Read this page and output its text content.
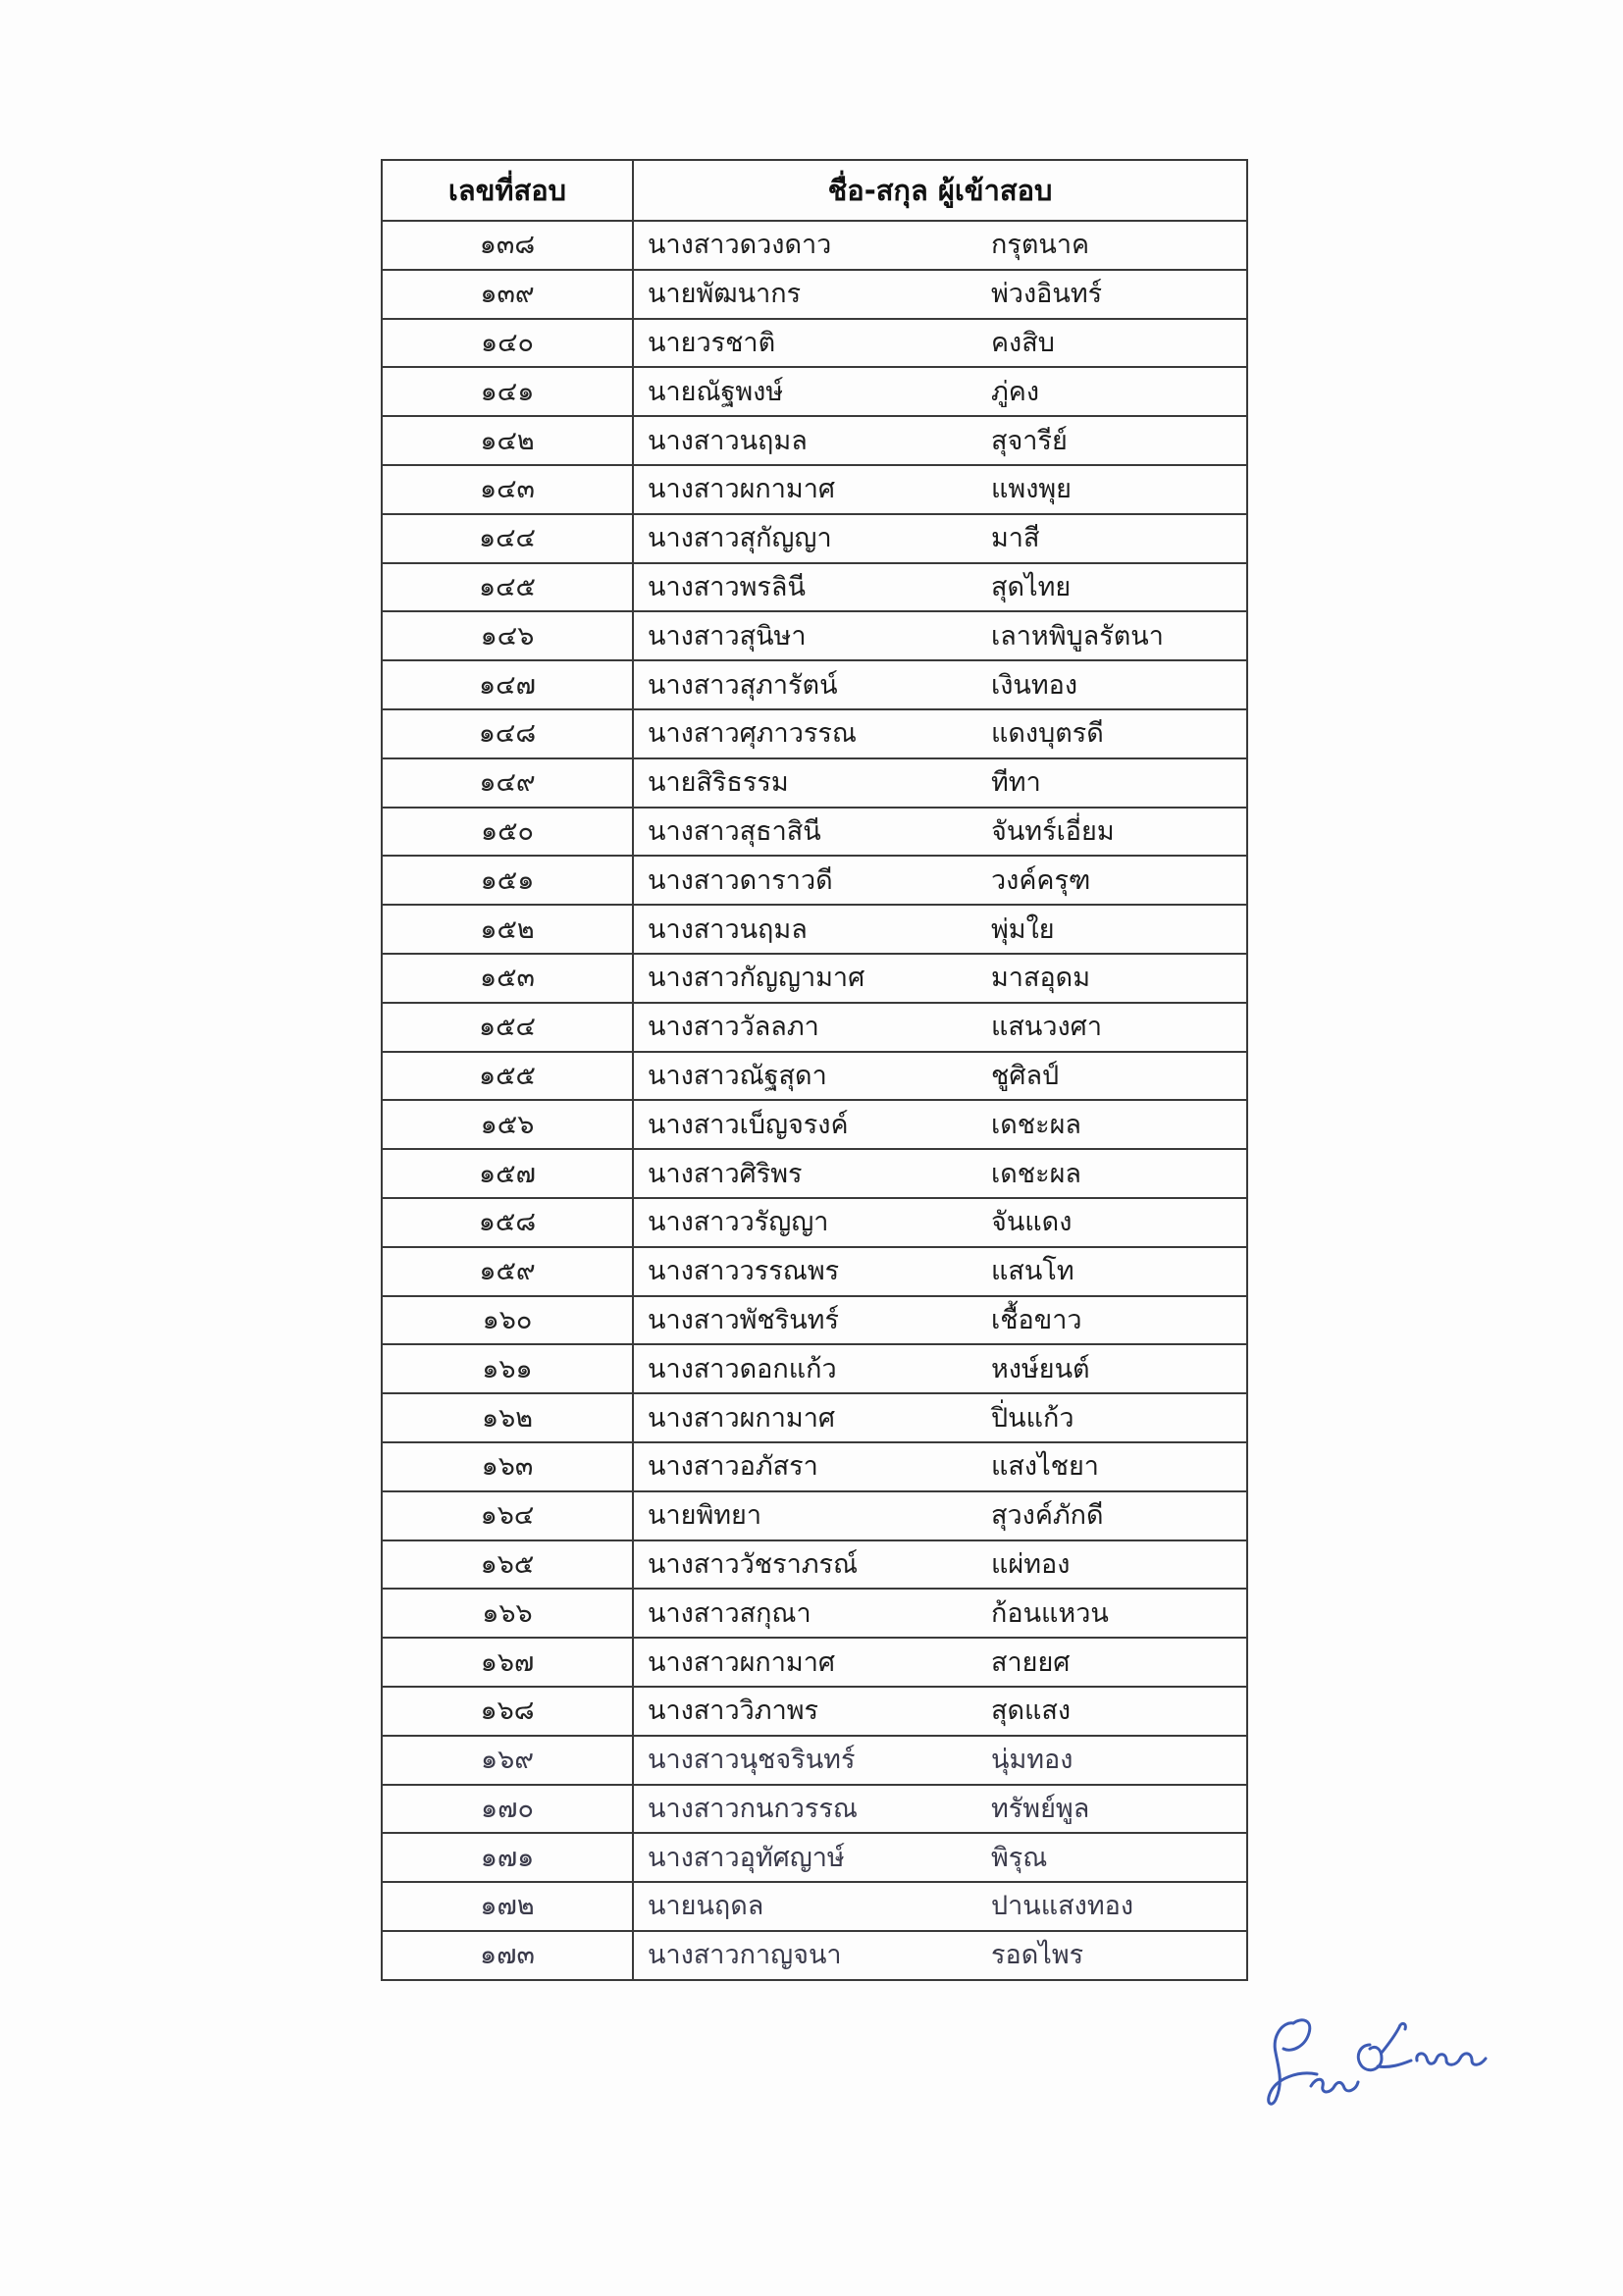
เลขที่สอบ	ชื่อ-สกุล ผู้เข้าสอบ
๑๓๘	นางสาวดวงดาว กรุตนาค

๑๓๙	นายพัฒนากร พ่วงอินทร์

๑๔๐	นายวรชาติ คงสิบ

๑๔๑	นายณัฐพงษ์ ภู่คง

๑๔๒	นางสาวนฤมล สุจารีย์

๑๔๓	นางสาวผกามาศ แพงพุย

๑๔๔	นางสาวสุกัญญา มาสี

๑๔๕	นางสาวพรลินี สุดไทย

๑๔๖	นางสาวสุนิษา เลาหพิบูลรัตนา

๑๔๗	นางสาวสุภารัตน์ เงินทอง

๑๔๘	นางสาวศุภาวรรณ แดงบุตรดี

๑๔๙	นายสิริธรรม ทีทา

๑๕๐	นางสาวสุธาสินี จันทร์เอี่ยม

๑๕๑	นางสาวดาราวดี วงค์ครุฑ

๑๕๒	นางสาวนฤมล พุ่มใย

๑๕๓	นางสาวกัญญามาศ มาสอุดม

๑๕๔	นางสาววัลลภา แสนวงศา

๑๕๕	นางสาวณัฐสุดา ชูศิลป์

๑๕๖	นางสาวเบ็ญจรงค์ เดชะผล

๑๕๗	นางสาวศิริพร เดชะผล

๑๕๘	นางสาววรัญญา จันแดง

๑๕๙	นางสาววรรณพร แสนโท

๑๖๐	นางสาวพัชรินทร์ เชื้อขาว

๑๖๑	นางสาวดอกแก้ว หงษ์ยนต์

๑๖๒	นางสาวผกามาศ ปิ่นแก้ว

๑๖๓	นางสาวอภัสรา แสงไชยา

๑๖๔	นายพิทยา สุวงค์ภักดี

๑๖๕	นางสาววัชราภรณ์ แผ่ทอง

๑๖๖	นางสาวสกุณา ก้อนแหวน

๑๖๗	นางสาวผกามาศ สายยศ

๑๖๘	นางสาววิภาพร สุดแสง

๑๖๙	นางสาวนุชจรินทร์ นุ่มทอง

๑๗๐	นางสาวกนกวรรณ ทรัพย์พูล

๑๗๑	นางสาวอุทัศญาษ์ พิรุณ

๑๗๒	นายนฤดล ปานแสงทอง

๑๗๓	นางสาวกาญจนา รอดไพร
